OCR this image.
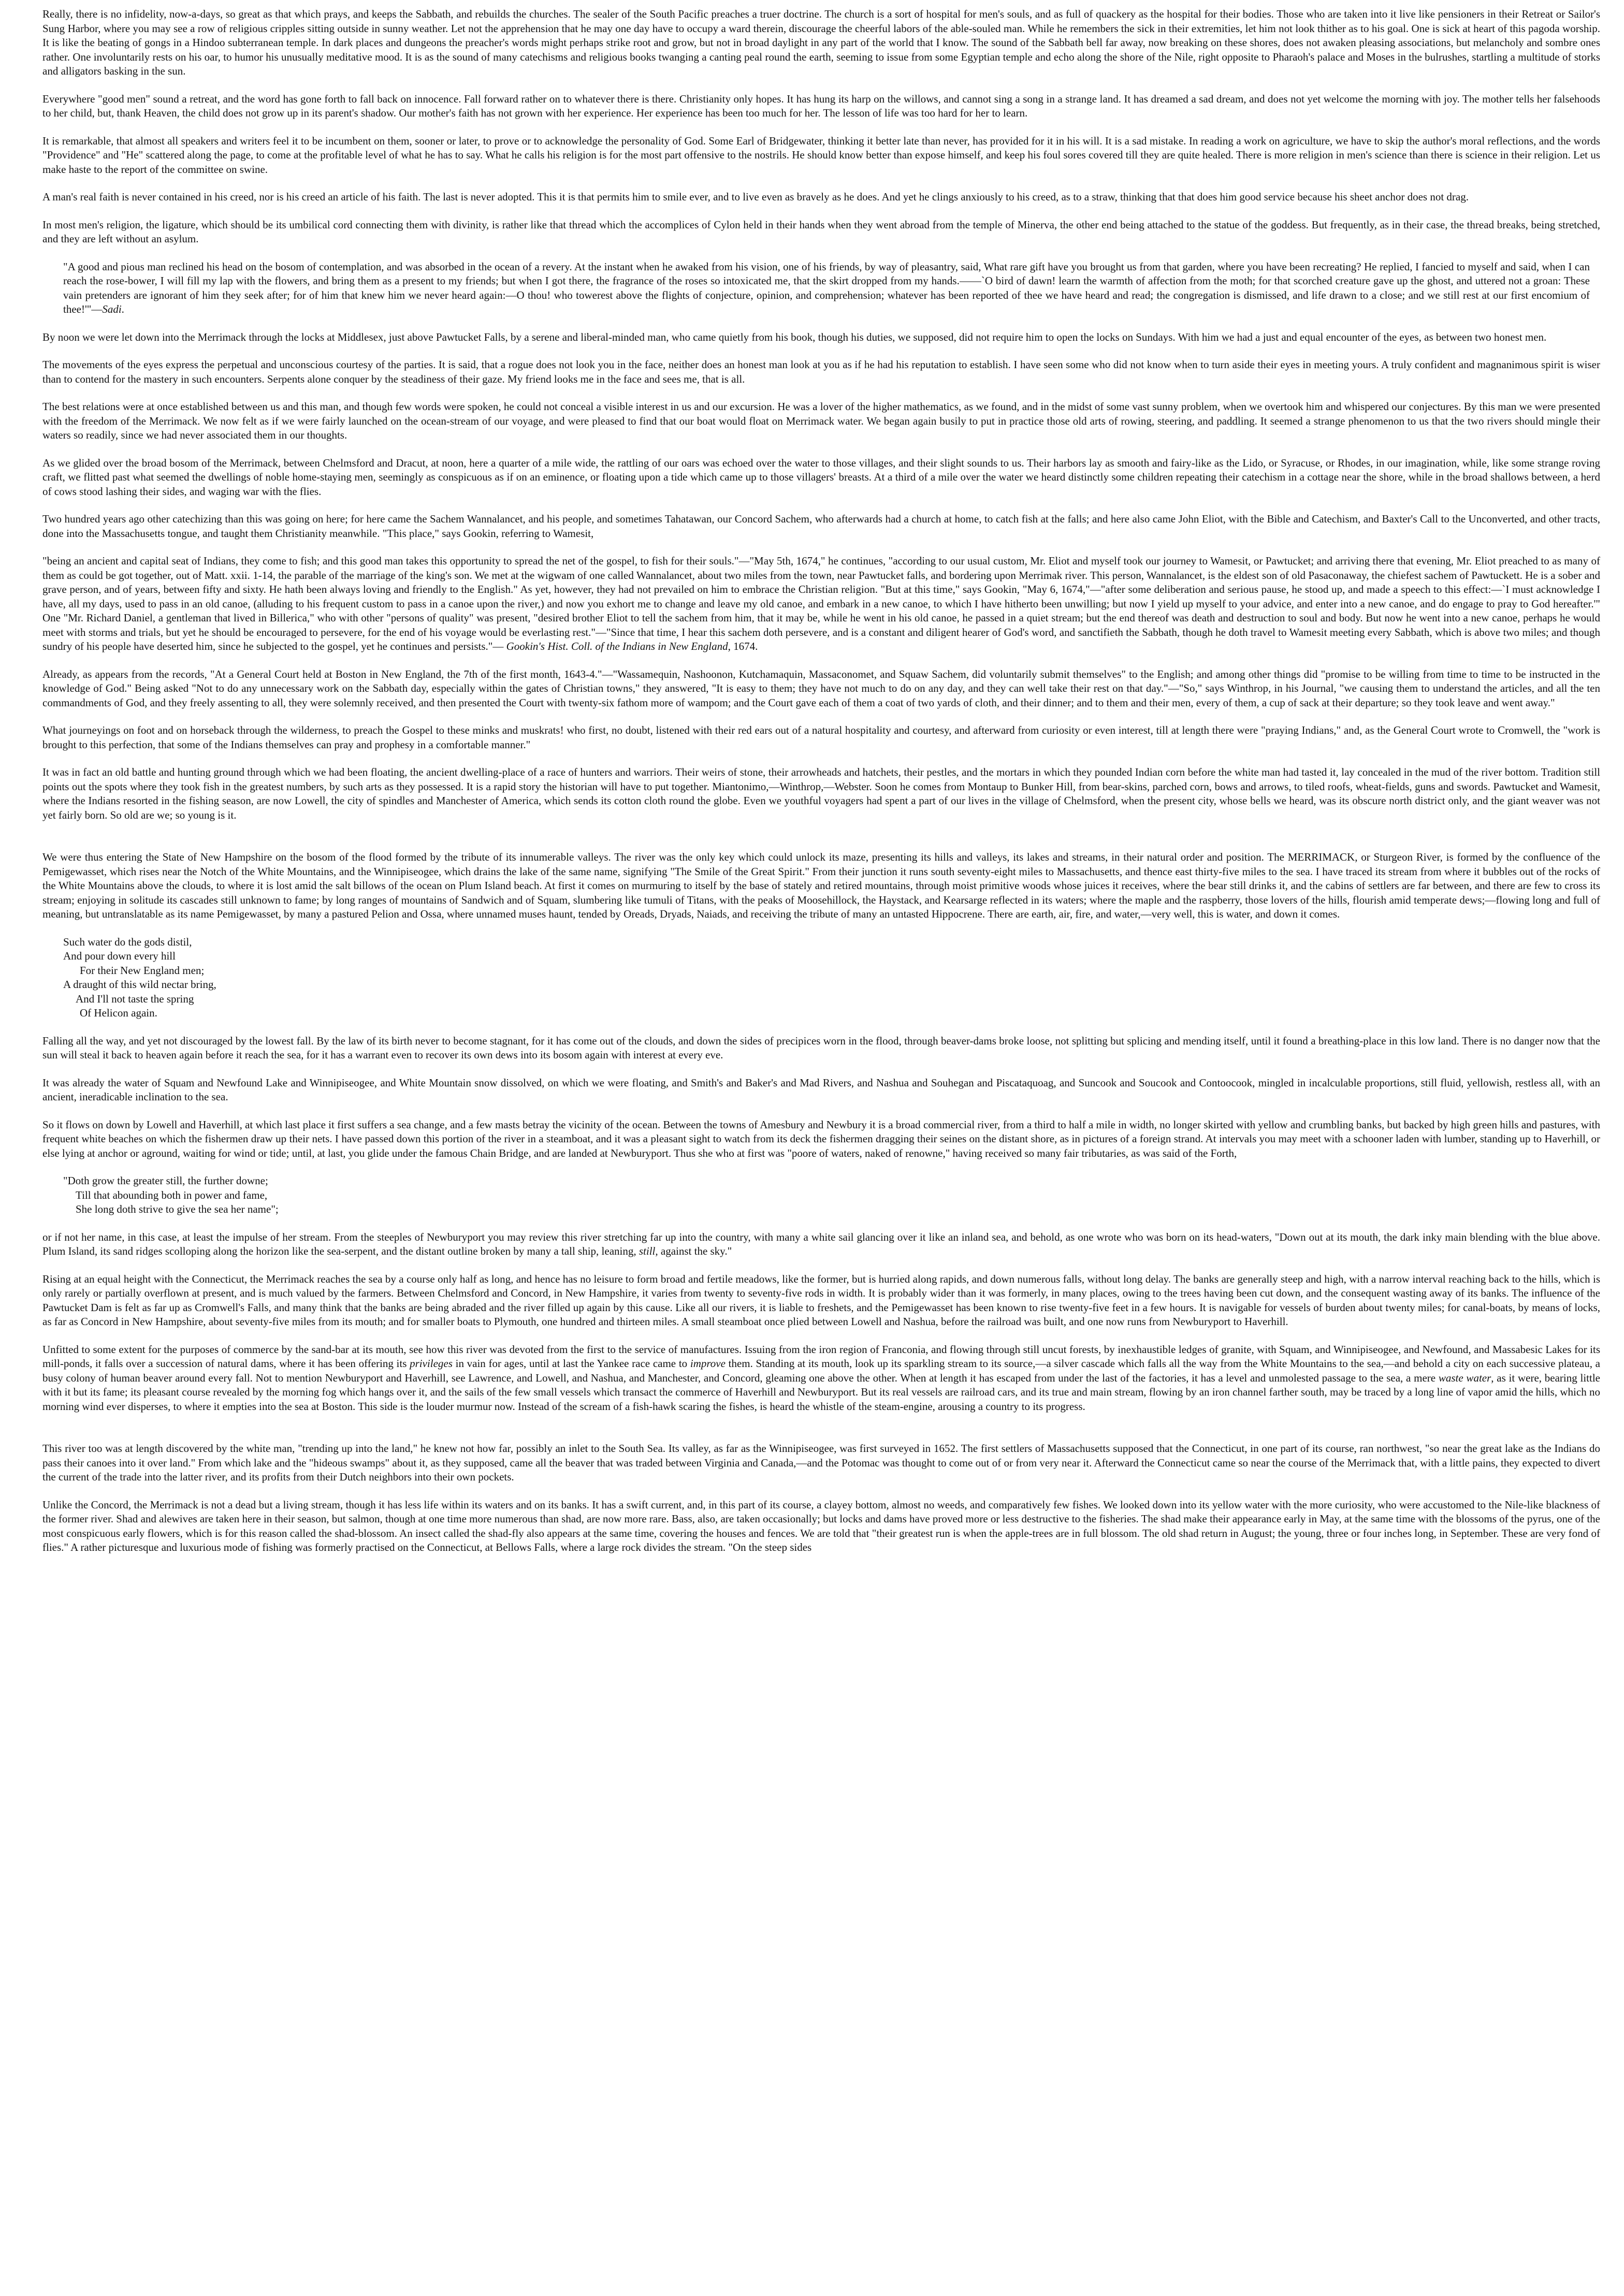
Really, there is no infidelity, now-a-days, so great as that which prays, and keeps the Sabbath, and rebuilds the churches. The sealer of the South Pacific preaches a truer doctrine. The church is a sort of hospital for men's souls, and as full of quackery as the hospital for their bodies. Those who are taken into it live like pensioners in their Retreat or Sailor's Sung Harbor, where you may see a row of religious cripples sitting outside in sunny weather. Let not the apprehension that he may one day have to occupy a ward therein, discourage the cheerful labors of the able-souled man. While he remembers the sick in their extremities, let him not look thither as to his goal. One is sick at heart of this pagoda worship. It is like the beating of gongs in a Hindoo subterranean temple. In dark places and dungeons the preacher's words might perhaps strike root and grow, but not in broad daylight in any part of the world that I know. The sound of the Sabbath bell far away, now breaking on these shores, does not awaken pleasing associations, but melancholy and sombre ones rather. One involuntarily rests on his oar, to humor his unusually meditative mood. It is as the sound of many catechisms and religious books twanging a canting peal round the earth, seeming to issue from some Egyptian temple and echo along the shore of the Nile, right opposite to Pharaoh's palace and Moses in the bulrushes, startling a multitude of storks and alligators basking in the sun.

Everywhere "good men" sound a retreat, and the word has gone forth to fall back on innocence. Fall forward rather on to whatever there is there. Christianity only hopes. It has hung its harp on the willows, and cannot sing a song in a strange land. It has dreamed a sad dream, and does not yet welcome the morning with joy. The mother tells her falsehoods to her child, but, thank Heaven, the child does not grow up in its parent's shadow. Our mother's faith has not grown with her experience. Her experience has been too much for her. The lesson of life was too hard for her to learn.

It is remarkable, that almost all speakers and writers feel it to be incumbent on them, sooner or later, to prove or to acknowledge the personality of God. Some Earl of Bridgewater, thinking it better late than never, has provided for it in his will. It is a sad mistake. In reading a work on agriculture, we have to skip the author's moral reflections, and the words "Providence" and "He" scattered along the page, to come at the profitable level of what he has to say. What he calls his religion is for the most part offensive to the nostrils. He should know better than expose himself, and keep his foul sores covered till they are quite healed. There is more religion in men's science than there is science in their religion. Let us make haste to the report of the committee on swine.

A man's real faith is never contained in his creed, nor is his creed an article of his faith. The last is never adopted. This it is that permits him to smile ever, and to live even as bravely as he does. And yet he clings anxiously to his creed, as to a straw, thinking that that does him good service because his sheet anchor does not drag.

In most men's religion, the ligature, which should be its umbilical cord connecting them with divinity, is rather like that thread which the accomplices of Cylon held in their hands when they went abroad from the temple of Minerva, the other end being attached to the statue of the goddess. But frequently, as in their case, the thread breaks, being stretched, and they are left without an asylum.

"A good and pious man reclined his head on the bosom of contemplation, and was absorbed in the ocean of a revery. At the instant when he awaked from his vision, one of his friends, by way of pleasantry, said, What rare gift have you brought us from that garden, where you have been recreating? He replied, I fancied to myself and said, when I can reach the rose-bower, I will fill my lap with the flowers, and bring them as a present to my friends; but when I got there, the fragrance of the roses so intoxicated me, that the skirt dropped from my hands.——`O bird of dawn! learn the warmth of affection from the moth; for that scorched creature gave up the ghost, and uttered not a groan: These vain pretenders are ignorant of him they seek after; for of him that knew him we never heard again:—O thou! who towerest above the flights of conjecture, opinion, and comprehension; whatever has been reported of thee we have heard and read; the congregation is dismissed, and life drawn to a close; and we still rest at our first encomium of thee!'"—Sadi.

By noon we were let down into the Merrimack through the locks at Middlesex, just above Pawtucket Falls, by a serene and liberal-minded man, who came quietly from his book, though his duties, we supposed, did not require him to open the locks on Sundays. With him we had a just and equal encounter of the eyes, as between two honest men.

The movements of the eyes express the perpetual and unconscious courtesy of the parties. It is said, that a rogue does not look you in the face, neither does an honest man look at you as if he had his reputation to establish. I have seen some who did not know when to turn aside their eyes in meeting yours. A truly confident and magnanimous spirit is wiser than to contend for the mastery in such encounters. Serpents alone conquer by the steadiness of their gaze. My friend looks me in the face and sees me, that is all.

The best relations were at once established between us and this man, and though few words were spoken, he could not conceal a visible interest in us and our excursion. He was a lover of the higher mathematics, as we found, and in the midst of some vast sunny problem, when we overtook him and whispered our conjectures. By this man we were presented with the freedom of the Merrimack. We now felt as if we were fairly launched on the ocean-stream of our voyage, and were pleased to find that our boat would float on Merrimack water. We began again busily to put in practice those old arts of rowing, steering, and paddling. It seemed a strange phenomenon to us that the two rivers should mingle their waters so readily, since we had never associated them in our thoughts.

As we glided over the broad bosom of the Merrimack, between Chelmsford and Dracut, at noon, here a quarter of a mile wide, the rattling of our oars was echoed over the water to those villages, and their slight sounds to us. Their harbors lay as smooth and fairy-like as the Lido, or Syracuse, or Rhodes, in our imagination, while, like some strange roving craft, we flitted past what seemed the dwellings of noble home-staying men, seemingly as conspicuous as if on an eminence, or floating upon a tide which came up to those villagers' breasts. At a third of a mile over the water we heard distinctly some children repeating their catechism in a cottage near the shore, while in the broad shallows between, a herd of cows stood lashing their sides, and waging war with the flies.

Two hundred years ago other catechizing than this was going on here; for here came the Sachem Wannalancet, and his people, and sometimes Tahatawan, our Concord Sachem, who afterwards had a church at home, to catch fish at the falls; and here also came John Eliot, with the Bible and Catechism, and Baxter's Call to the Unconverted, and other tracts, done into the Massachusetts tongue, and taught them Christianity meanwhile. "This place," says Gookin, referring to Wamesit,

"being an ancient and capital seat of Indians, they come to fish; and this good man takes this opportunity to spread the net of the gospel, to fish for their souls."—"May 5th, 1674," he continues, "according to our usual custom, Mr. Eliot and myself took our journey to Wamesit, or Pawtucket; and arriving there that evening, Mr. Eliot preached to as many of them as could be got together, out of Matt. xxii. 1-14, the parable of the marriage of the king's son. We met at the wigwam of one called Wannalancet, about two miles from the town, near Pawtucket falls, and bordering upon Merrimak river. This person, Wannalancet, is the eldest son of old Pasaconaway, the chiefest sachem of Pawtuckett. He is a sober and grave person, and of years, between fifty and sixty. He hath been always loving and friendly to the English." As yet, however, they had not prevailed on him to embrace the Christian religion. "But at this time," says Gookin, "May 6, 1674,"—"after some deliberation and serious pause, he stood up, and made a speech to this effect:—`I must acknowledge I have, all my days, used to pass in an old canoe, (alluding to his frequent custom to pass in a canoe upon the river,) and now you exhort me to change and leave my old canoe, and embark in a new canoe, to which I have hitherto been unwilling; but now I yield up myself to your advice, and enter into a new canoe, and do engage to pray to God hereafter.'" One "Mr. Richard Daniel, a gentleman that lived in Billerica," who with other "persons of quality" was present, "desired brother Eliot to tell the sachem from him, that it may be, while he went in his old canoe, he passed in a quiet stream; but the end thereof was death and destruction to soul and body. But now he went into a new canoe, perhaps he would meet with storms and trials, but yet he should be encouraged to persevere, for the end of his voyage would be everlasting rest."—"Since that time, I hear this sachem doth persevere, and is a constant and diligent hearer of God's word, and sanctifieth the Sabbath, though he doth travel to Wamesit meeting every Sabbath, which is above two miles; and though sundry of his people have deserted him, since he subjected to the gospel, yet he continues and persists."— Gookin's Hist. Coll. of the Indians in New England, 1674.

Already, as appears from the records, "At a General Court held at Boston in New England, the 7th of the first month, 1643-4."—"Wassamequin, Nashoonon, Kutchamaquin, Massaconomet, and Squaw Sachem, did voluntarily submit themselves" to the English; and among other things did "promise to be willing from time to time to be instructed in the knowledge of God." Being asked "Not to do any unnecessary work on the Sabbath day, especially within the gates of Christian towns," they answered, "It is easy to them; they have not much to do on any day, and they can well take their rest on that day."—"So," says Winthrop, in his Journal, "we causing them to understand the articles, and all the ten commandments of God, and they freely assenting to all, they were solemnly received, and then presented the Court with twenty-six fathom more of wampom; and the Court gave each of them a coat of two yards of cloth, and their dinner; and to them and their men, every of them, a cup of sack at their departure; so they took leave and went away."

What journeyings on foot and on horseback through the wilderness, to preach the Gospel to these minks and muskrats! who first, no doubt, listened with their red ears out of a natural hospitality and courtesy, and afterward from curiosity or even interest, till at length there were "praying Indians," and, as the General Court wrote to Cromwell, the "work is brought to this perfection, that some of the Indians themselves can pray and prophesy in a comfortable manner."

It was in fact an old battle and hunting ground through which we had been floating, the ancient dwelling-place of a race of hunters and warriors. Their weirs of stone, their arrowheads and hatchets, their pestles, and the mortars in which they pounded Indian corn before the white man had tasted it, lay concealed in the mud of the river bottom. Tradition still points out the spots where they took fish in the greatest numbers, by such arts as they possessed. It is a rapid story the historian will have to put together. Miantonimo,—Winthrop,—Webster. Soon he comes from Montaup to Bunker Hill, from bear-skins, parched corn, bows and arrows, to tiled roofs, wheat-fields, guns and swords. Pawtucket and Wamesit, where the Indians resorted in the fishing season, are now Lowell, the city of spindles and Manchester of America, which sends its cotton cloth round the globe. Even we youthful voyagers had spent a part of our lives in the village of Chelmsford, when the present city, whose bells we heard, was its obscure north district only, and the giant weaver was not yet fairly born. So old are we; so young is it.

We were thus entering the State of New Hampshire on the bosom of the flood formed by the tribute of its innumerable valleys. The river was the only key which could unlock its maze, presenting its hills and valleys, its lakes and streams, in their natural order and position. The MERRIMACK, or Sturgeon River, is formed by the confluence of the Pemigewasset, which rises near the Notch of the White Mountains, and the Winnipiseogee, which drains the lake of the same name, signifying "The Smile of the Great Spirit." From their junction it runs south seventy-eight miles to Massachusetts, and thence east thirty-five miles to the sea. I have traced its stream from where it bubbles out of the rocks of the White Mountains above the clouds, to where it is lost amid the salt billows of the ocean on Plum Island beach. At first it comes on murmuring to itself by the base of stately and retired mountains, through moist primitive woods whose juices it receives, where the bear still drinks it, and the cabins of settlers are far between, and there are few to cross its stream; enjoying in solitude its cascades still unknown to fame; by long ranges of mountains of Sandwich and of Squam, slumbering like tumuli of Titans, with the peaks of Moosehillock, the Haystack, and Kearsarge reflected in its waters; where the maple and the raspberry, those lovers of the hills, flourish amid temperate dews;—flowing long and full of meaning, but untranslatable as its name Pemigewasset, by many a pastured Pelion and Ossa, where unnamed muses haunt, tended by Oreads, Dryads, Naiads, and receiving the tribute of many an untasted Hippocrene. There are earth, air, fire, and water,—very well, this is water, and down it comes.

Such water do the gods distil,
And pour down every hill
For their New England men;
A draught of this wild nectar bring,
And I'll not taste the spring
Of Helicon again.

Falling all the way, and yet not discouraged by the lowest fall. By the law of its birth never to become stagnant, for it has come out of the clouds, and down the sides of precipices worn in the flood, through beaver-dams broke loose, not splitting but splicing and mending itself, until it found a breathing-place in this low land. There is no danger now that the sun will steal it back to heaven again before it reach the sea, for it has a warrant even to recover its own dews into its bosom again with interest at every eve.

It was already the water of Squam and Newfound Lake and Winnipiseogee, and White Mountain snow dissolved, on which we were floating, and Smith's and Baker's and Mad Rivers, and Nashua and Souhegan and Piscataquoag, and Suncook and Soucook and Contoocook, mingled in incalculable proportions, still fluid, yellowish, restless all, with an ancient, ineradicable inclination to the sea.

So it flows on down by Lowell and Haverhill, at which last place it first suffers a sea change, and a few masts betray the vicinity of the ocean. Between the towns of Amesbury and Newbury it is a broad commercial river, from a third to half a mile in width, no longer skirted with yellow and crumbling banks, but backed by high green hills and pastures, with frequent white beaches on which the fishermen draw up their nets. I have passed down this portion of the river in a steamboat, and it was a pleasant sight to watch from its deck the fishermen dragging their seines on the distant shore, as in pictures of a foreign strand. At intervals you may meet with a schooner laden with lumber, standing up to Haverhill, or else lying at anchor or aground, waiting for wind or tide; until, at last, you glide under the famous Chain Bridge, and are landed at Newburyport. Thus she who at first was "poore of waters, naked of renowne," having received so many fair tributaries, as was said of the Forth,

"Doth grow the greater still, the further downe;
Till that abounding both in power and fame,
She long doth strive to give the sea her name";

or if not her name, in this case, at least the impulse of her stream. From the steeples of Newburyport you may review this river stretching far up into the country, with many a white sail glancing over it like an inland sea, and behold, as one wrote who was born on its head-waters, "Down out at its mouth, the dark inky main blending with the blue above. Plum Island, its sand ridges scolloping along the horizon like the sea-serpent, and the distant outline broken by many a tall ship, leaning, still, against the sky."

Rising at an equal height with the Connecticut, the Merrimack reaches the sea by a course only half as long, and hence has no leisure to form broad and fertile meadows, like the former, but is hurried along rapids, and down numerous falls, without long delay. The banks are generally steep and high, with a narrow interval reaching back to the hills, which is only rarely or partially overflown at present, and is much valued by the farmers. Between Chelmsford and Concord, in New Hampshire, it varies from twenty to seventy-five rods in width. It is probably wider than it was formerly, in many places, owing to the trees having been cut down, and the consequent wasting away of its banks. The influence of the Pawtucket Dam is felt as far up as Cromwell's Falls, and many think that the banks are being abraded and the river filled up again by this cause. Like all our rivers, it is liable to freshets, and the Pemigewasset has been known to rise twenty-five feet in a few hours. It is navigable for vessels of burden about twenty miles; for canal-boats, by means of locks, as far as Concord in New Hampshire, about seventy-five miles from its mouth; and for smaller boats to Plymouth, one hundred and thirteen miles. A small steamboat once plied between Lowell and Nashua, before the railroad was built, and one now runs from Newburyport to Haverhill.

Unfitted to some extent for the purposes of commerce by the sand-bar at its mouth, see how this river was devoted from the first to the service of manufactures. Issuing from the iron region of Franconia, and flowing through still uncut forests, by inexhaustible ledges of granite, with Squam, and Winnipiseogee, and Newfound, and Massabesic Lakes for its mill-ponds, it falls over a succession of natural dams, where it has been offering its privileges in vain for ages, until at last the Yankee race came to improve them. Standing at its mouth, look up its sparkling stream to its source,—a silver cascade which falls all the way from the White Mountains to the sea,—and behold a city on each successive plateau, a busy colony of human beaver around every fall. Not to mention Newburyport and Haverhill, see Lawrence, and Lowell, and Nashua, and Manchester, and Concord, gleaming one above the other. When at length it has escaped from under the last of the factories, it has a level and unmolested passage to the sea, a mere waste water, as it were, bearing little with it but its fame; its pleasant course revealed by the morning fog which hangs over it, and the sails of the few small vessels which transact the commerce of Haverhill and Newburyport. But its real vessels are railroad cars, and its true and main stream, flowing by an iron channel farther south, may be traced by a long line of vapor amid the hills, which no morning wind ever disperses, to where it empties into the sea at Boston. This side is the louder murmur now. Instead of the scream of a fish-hawk scaring the fishes, is heard the whistle of the steam-engine, arousing a country to its progress.

This river too was at length discovered by the white man, "trending up into the land," he knew not how far, possibly an inlet to the South Sea. Its valley, as far as the Winnipiseogee, was first surveyed in 1652. The first settlers of Massachusetts supposed that the Connecticut, in one part of its course, ran northwest, "so near the great lake as the Indians do pass their canoes into it over land." From which lake and the "hideous swamps" about it, as they supposed, came all the beaver that was traded between Virginia and Canada,—and the Potomac was thought to come out of or from very near it. Afterward the Connecticut came so near the course of the Merrimack that, with a little pains, they expected to divert the current of the trade into the latter river, and its profits from their Dutch neighbors into their own pockets.

Unlike the Concord, the Merrimack is not a dead but a living stream, though it has less life within its waters and on its banks. It has a swift current, and, in this part of its course, a clayey bottom, almost no weeds, and comparatively few fishes. We looked down into its yellow water with the more curiosity, who were accustomed to the Nile-like blackness of the former river. Shad and alewives are taken here in their season, but salmon, though at one time more numerous than shad, are now more rare. Bass, also, are taken occasionally; but locks and dams have proved more or less destructive to the fisheries. The shad make their appearance early in May, at the same time with the blossoms of the pyrus, one of the most conspicuous early flowers, which is for this reason called the shad-blossom. An insect called the shad-fly also appears at the same time, covering the houses and fences. We are told that "their greatest run is when the apple-trees are in full blossom. The old shad return in August; the young, three or four inches long, in September. These are very fond of flies." A rather picturesque and luxurious mode of fishing was formerly practised on the Connecticut, at Bellows Falls, where a large rock divides the stream. "On the steep sides
